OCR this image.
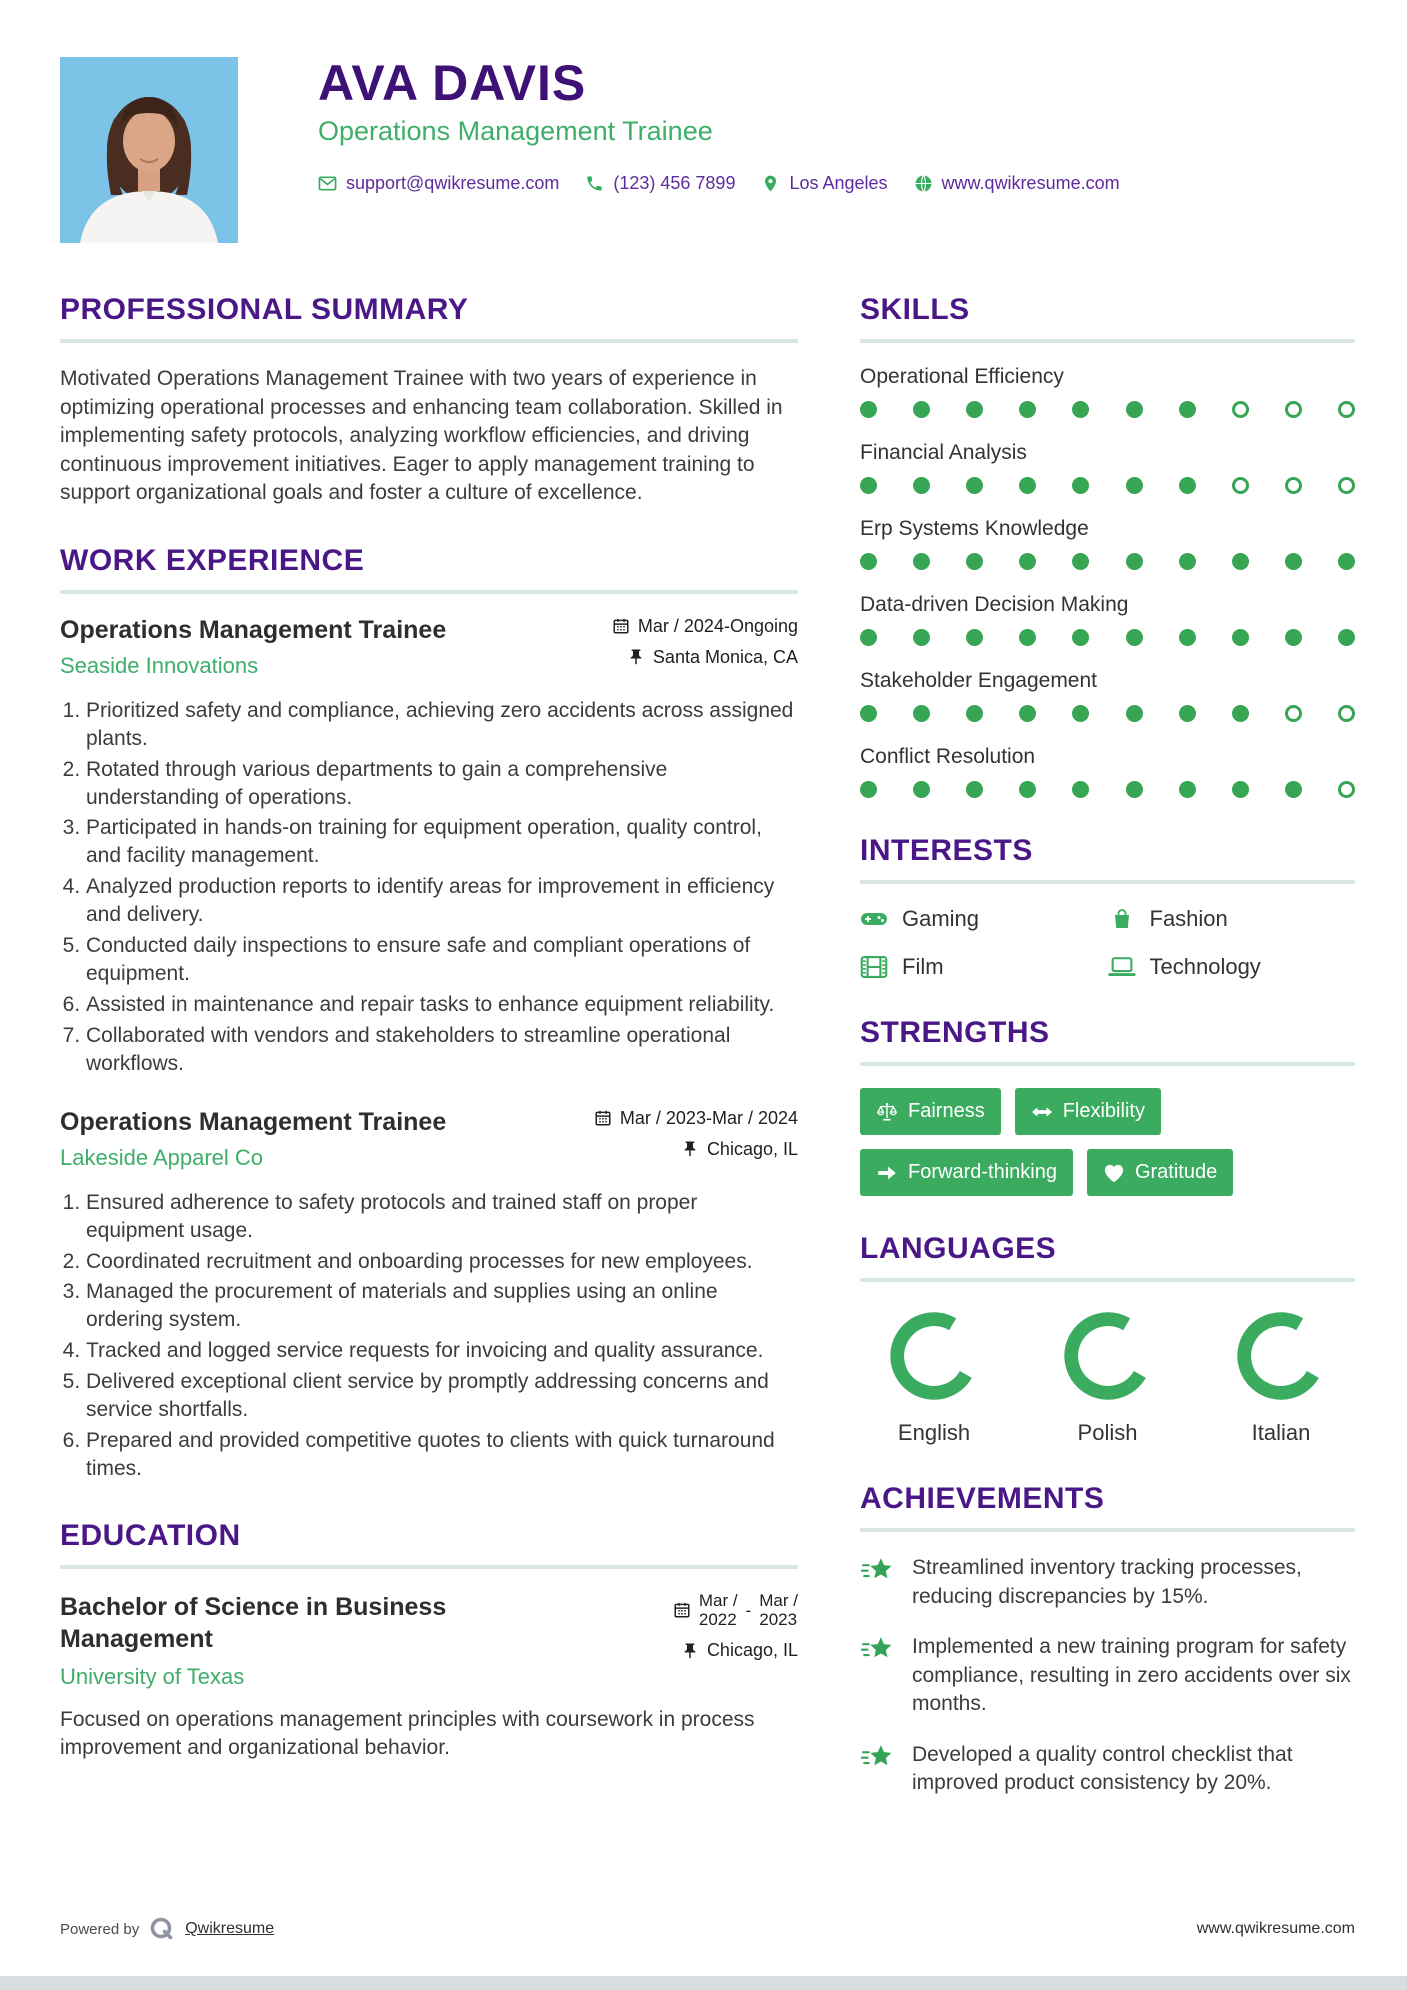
AVA DAVIS
Operations Management Trainee
support@qwikresume.com	(123) 456 7899	Los Angeles	www.qwikresume.com
PROFESSIONAL SUMMARY
Motivated Operations Management Trainee with two years of experience in optimizing operational processes and enhancing team collaboration. Skilled in implementing safety protocols, analyzing workflow efficiencies, and driving continuous improvement initiatives. Eager to apply management training to support organizational goals and foster a culture of excellence.
WORK EXPERIENCE
Operations Management Trainee
Seaside Innovations
Mar / 2024-Ongoing
Santa Monica, CA
1. Prioritized safety and compliance, achieving zero accidents across assigned plants.
2. Rotated through various departments to gain a comprehensive understanding of operations.
3. Participated in hands-on training for equipment operation, quality control, and facility management.
4. Analyzed production reports to identify areas for improvement in efficiency and delivery.
5. Conducted daily inspections to ensure safe and compliant operations of equipment.
6. Assisted in maintenance and repair tasks to enhance equipment reliability.
7. Collaborated with vendors and stakeholders to streamline operational workflows.
Operations Management Trainee
Lakeside Apparel Co
Mar / 2023-Mar / 2024
Chicago, IL
1. Ensured adherence to safety protocols and trained staff on proper equipment usage.
2. Coordinated recruitment and onboarding processes for new employees.
3. Managed the procurement of materials and supplies using an online ordering system.
4. Tracked and logged service requests for invoicing and quality assurance.
5. Delivered exceptional client service by promptly addressing concerns and service shortfalls.
6. Prepared and provided competitive quotes to clients with quick turnaround times.
EDUCATION
Bachelor of Science in Business Management
University of Texas
Mar /
2022
-
Mar /
2023
Chicago, IL
Focused on operations management principles with coursework in process improvement and organizational behavior.
SKILLS
Operational Efficiency
Financial Analysis
Erp Systems Knowledge
Data-driven Decision Making
Stakeholder Engagement
Conflict Resolution
INTERESTS
Gaming	Fashion
Film	Technology
STRENGTHS
Fairness	Flexibility
Forward-thinking	Gratitude
LANGUAGES
English	Polish	Italian
ACHIEVEMENTS
Streamlined inventory tracking processes, reducing discrepancies by 15%.
Implemented a new training program for safety compliance, resulting in zero accidents over six months.
Developed a quality control checklist that improved product consistency by 20%.
Powered by	Qwikresume	www.qwikresume.com
